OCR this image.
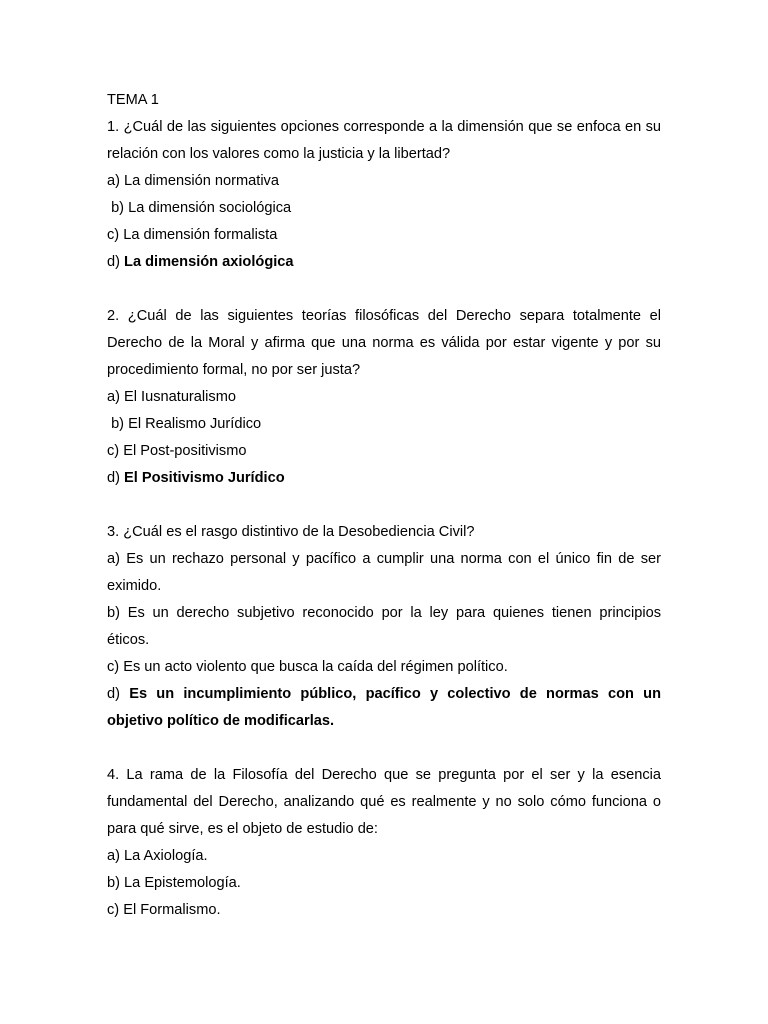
TEMA 1

1. ¿Cuál de las siguientes opciones corresponde a la dimensión que se enfoca en su relación con los valores como la justicia y la libertad?

a) La dimensión normativa

b) La dimensión sociológica

c) La dimensión formalista

d) La dimensión axiológica

2. ¿Cuál de las siguientes teorías filosóficas del Derecho separa totalmente el Derecho de la Moral y afirma que una norma es válida por estar vigente y por su procedimiento formal, no por ser justa?

a) El Iusnaturalismo

b) El Realismo Jurídico

c) El Post-positivismo

d) El Positivismo Jurídico

3. ¿Cuál es el rasgo distintivo de la Desobediencia Civil?

a) Es un rechazo personal y pacífico a cumplir una norma con el único fin de ser eximido.

b) Es un derecho subjetivo reconocido por la ley para quienes tienen principios éticos.

c) Es un acto violento que busca la caída del régimen político.

d) Es un incumplimiento público, pacífico y colectivo de normas con un objetivo político de modificarlas.

4. La rama de la Filosofía del Derecho que se pregunta por el ser y la esencia fundamental del Derecho, analizando qué es realmente y no solo cómo funciona o para qué sirve, es el objeto de estudio de:

a) La Axiología.

b) La Epistemología.

c) El Formalismo.
